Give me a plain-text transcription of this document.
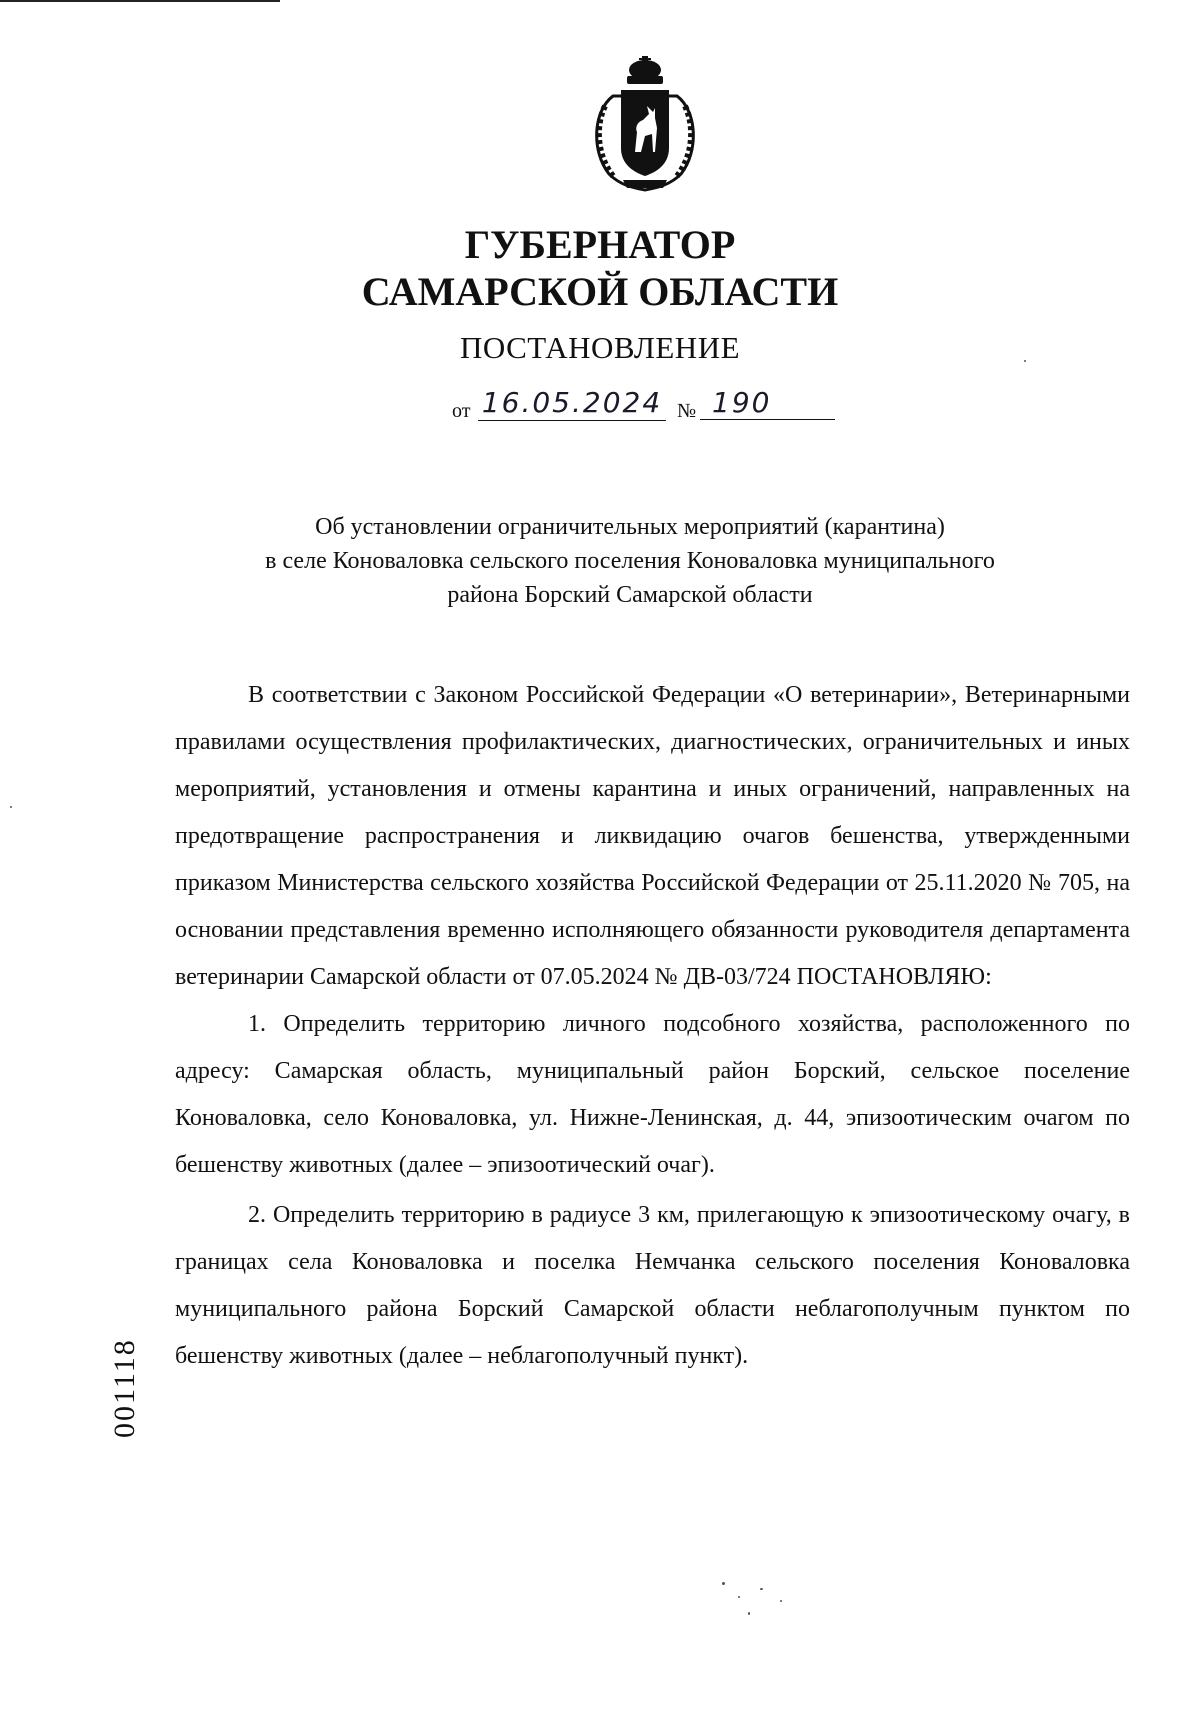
ГУБЕРНАТОР
САМАРСКОЙ ОБЛАСТИ
ПОСТАНОВЛЕНИЕ
от 16.05.2024 № 190
Об установлении ограничительных мероприятий (карантина)
в селе Коноваловка сельского поселения Коноваловка муниципального
района Борский Самарской области

В соответствии с Законом Российской Федерации «О ветеринарии», Ветеринарными правилами осуществления профилактических, диагностических, ограничительных и иных мероприятий, установления и отмены карантина и иных ограничений, направленных на предотвращение распространения и ликвидацию очагов бешенства, утвержденными приказом Министерства сельского хозяйства Российской Федерации от 25.11.2020 № 705, на основании представления временно исполняющего обязанности руководителя департамента ветеринарии Самарской области от 07.05.2024 № ДВ-03/724 ПОСТАНОВЛЯЮ:

1. Определить территорию личного подсобного хозяйства, расположенного по адресу: Самарская область, муниципальный район Борский, сельское поселение Коноваловка, село Коноваловка, ул. Нижне-Ленинская, д. 44, эпизоотическим очагом по бешенству животных (далее – эпизоотический очаг).

2. Определить территорию в радиусе 3 км, прилегающую к эпизоотическому очагу, в границах села Коноваловка и поселка Немчанка сельского поселения Коноваловка муниципального района Борский Самарской области неблагополучным пунктом по бешенству животных (далее – неблагополучный пункт).

001118
